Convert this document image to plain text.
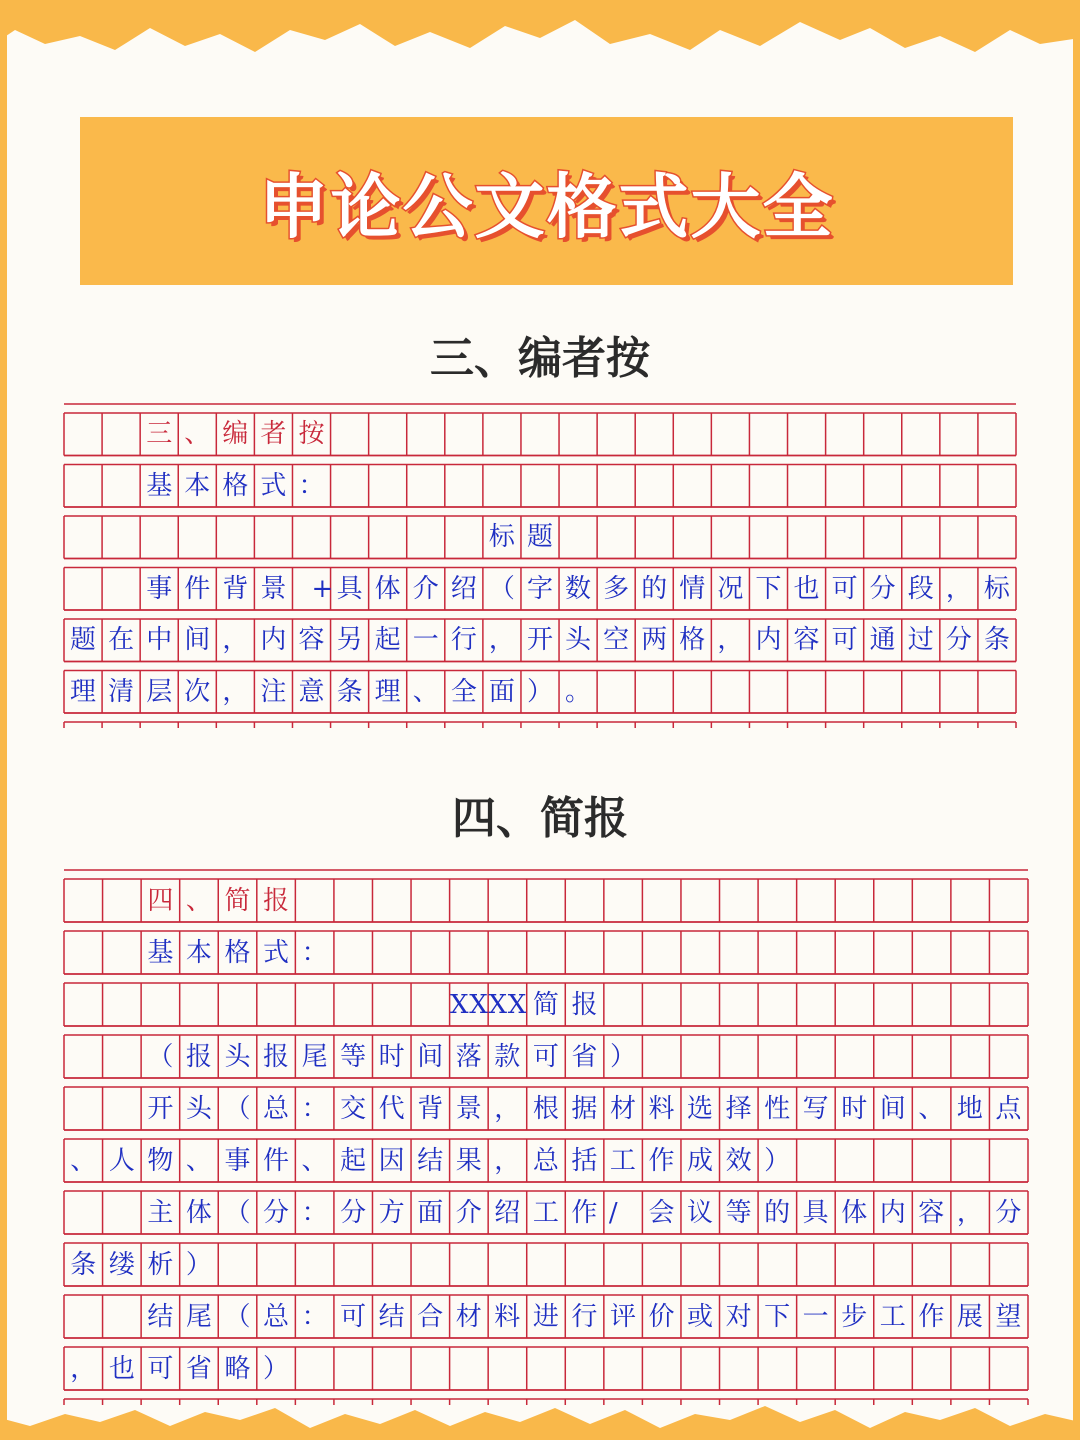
申论公文格式大全
三、编者按
四、简报
三 、 编 者 按
基 本 格 式 ：
标 题
事 件 背 景 + 具 体 介 绍 （ 字 数 多 的 情 况 下 也 可 分 段 ， 标
题 在 中 间 ， 内 容 另 起 一 行 ， 开 头 空 两 格 ， 内 容 可 通 过 分 条
理 清 层 次 ， 注 意 条 理 、 全 面 ） 。
四 、 简 报
基 本 格 式 ：
X X X X 简 报
（ 报 头 报 尾 等 时 间 落 款 可 省 ）
开 头 （ 总 ： 交 代 背 景 ， 根 据 材 料 选 择 性 写 时 间 、 地 点
、 人 物 、 事 件 、 起 因 结 果 ， 总 括 工 作 成 效 ）
主 体 （ 分 ： 分 方 面 介 绍 工 作 / 会 议 等 的 具 体 内 容 ， 分
条 缕 析 ）
结 尾 （ 总 ： 可 结 合 材 料 进 行 评 价 或 对 下 一 步 工 作 展 望
， 也 可 省 略 ）
